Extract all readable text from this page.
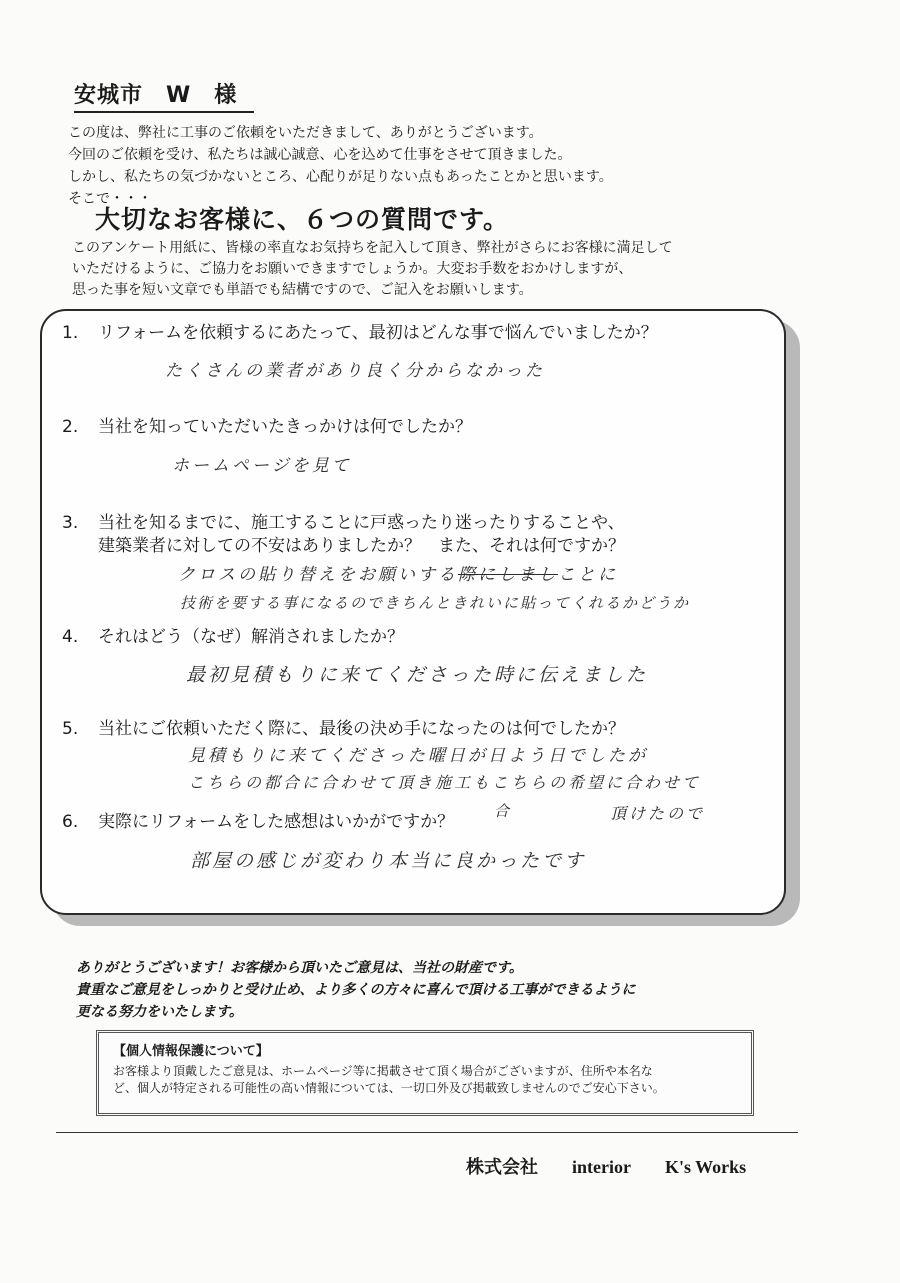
安城市　W　様
この度は、弊社に工事のご依頼をいただきまして、ありがとうございます。
今回のご依頼を受け、私たちは誠心誠意、心を込めて仕事をさせて頂きました。
しかし、私たちの気づかないところ、心配りが足りない点もあったことかと思います。
そこで・・・
大切なお客様に、６つの質問です。
このアンケート用紙に、皆様の率直なお気持ちを記入して頂き、弊社がさらにお客様に満足して
いただけるように、ご協力をお願いできますでしょうか。大変お手数をおかけしますが、
思った事を短い文章でも単語でも結構ですので、ご記入をお願いします。
1. リフォームを依頼するにあたって、最初はどんな事で悩んでいましたか？
たくさんの業者があり良く分からなかった
2. 当社を知っていただいたきっかけは何でしたか？
ホームページを見て
3. 当社を知るまでに、施工することに戸惑ったり迷ったりすることや、
建築業者に対しての不安はありましたか？　また、それは何ですか？
クロスの貼り替えをお願いする際にしましことに
技術を要する事になるのできちんときれいに貼ってくれるかどうか
4. それはどう（なぜ）解消されましたか？
最初見積もりに来てくださった時に伝えました
5. 当社にご依頼いただく際に、最後の決め手になったのは何でしたか？
見積もりに来てくださった曜日が日よう日でしたが
こちらの都合に合わせて頂き施工もこちらの希望に合わせて
頂けたので
6. 実際にリフォームをした感想はいかがですか？
合
部屋の感じが変わり本当に良かったです
ありがとうございます！お客様から頂いたご意見は、当社の財産です。
貴重なご意見をしっかりと受け止め、より多くの方々に喜んで頂ける工事ができるように
更なる努力をいたします。
【個人情報保護について】
お客様より頂戴したご意見は、ホームページ等に掲載させて頂く場合がございますが、住所や本名な
ど、個人が特定される可能性の高い情報については、一切口外及び掲載致しませんのでご安心下さい。
株式会社 interior K's Works
